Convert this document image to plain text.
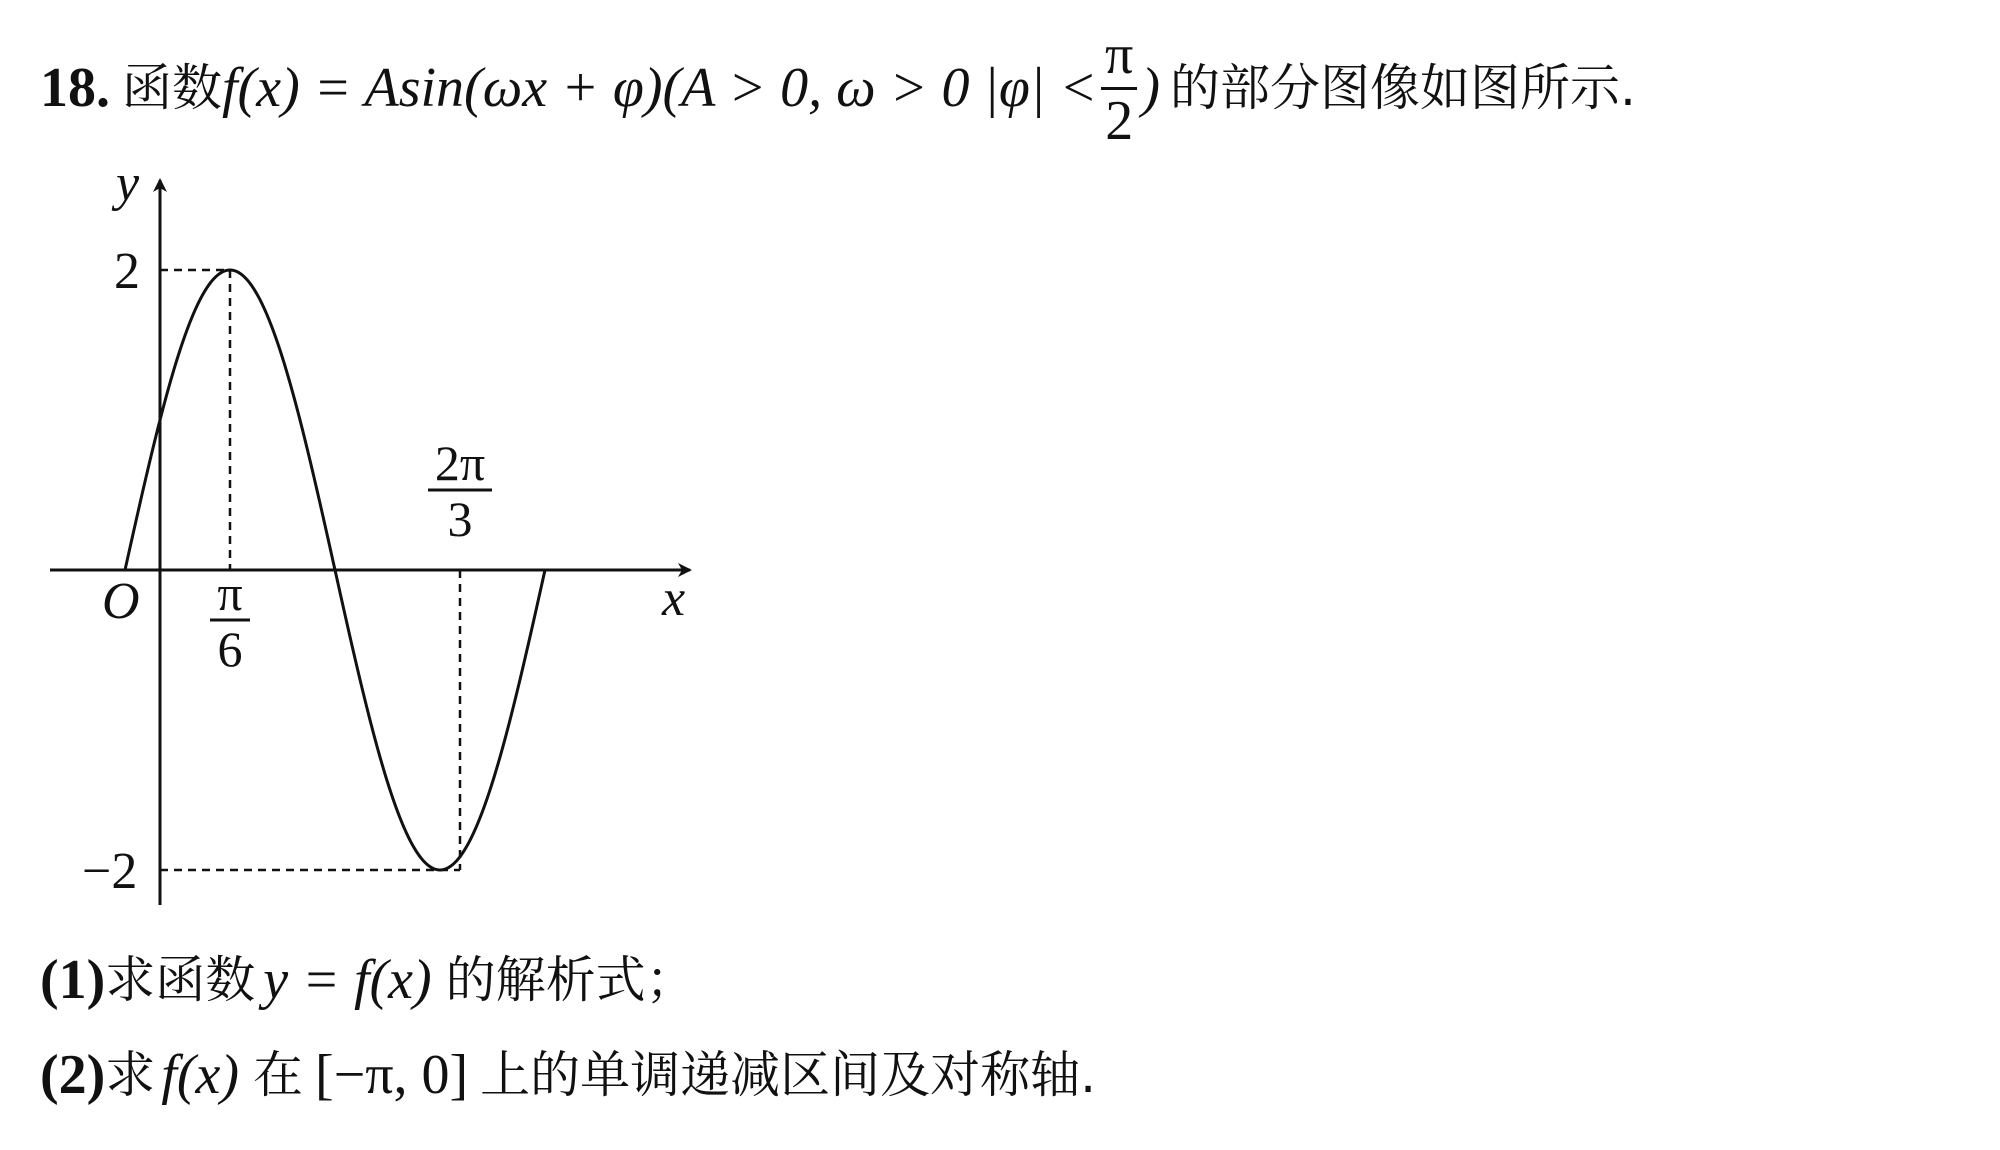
18. 函数 f(x) = Asin(ωx + φ) (A > 0, ω > 0 $|\varphi| < \frac{\pi}{2}$ ) 的部分图像如图所示.
y
x
O
2
−2
π
6
2π
3
(1) 求函数 y = f(x) 的解析式；
(2) 求 f(x) 在 [−π, 0] 上的单调递减区间及对称轴.
